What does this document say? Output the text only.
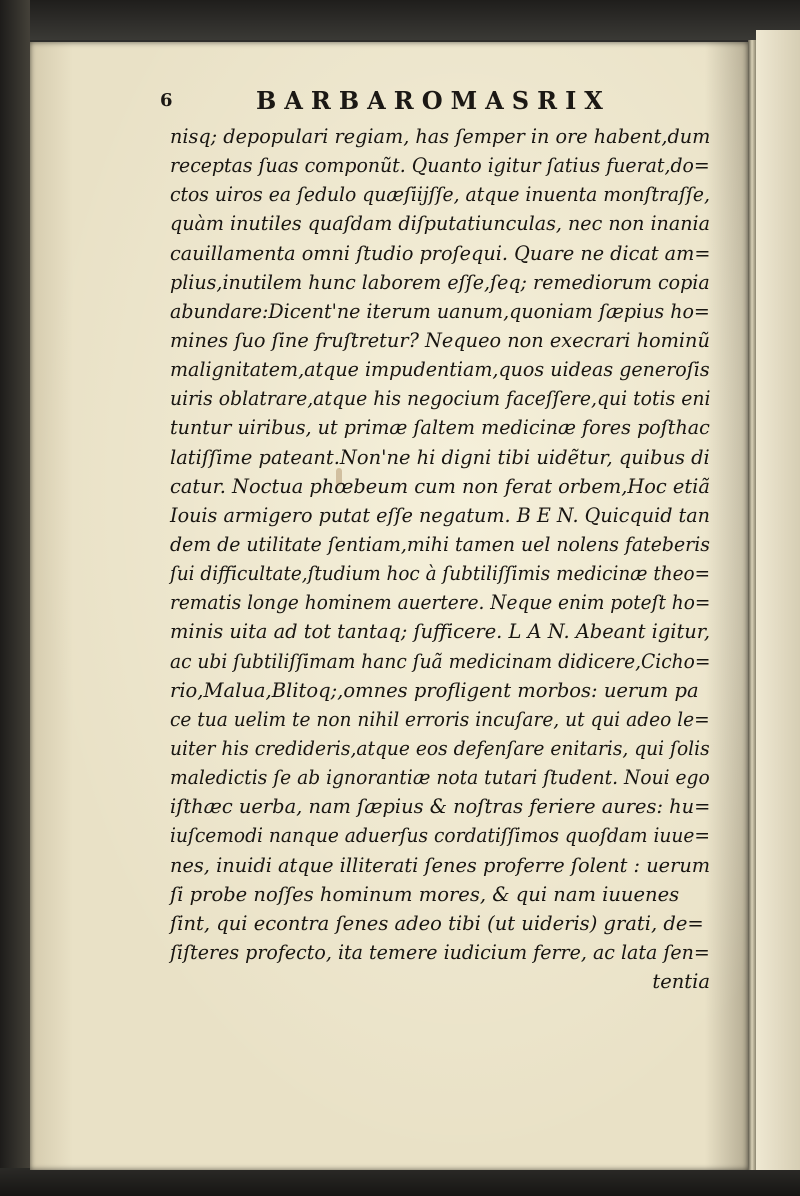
6	BARBAROMASRIX
nisq; depopulari regiam, has ſemper in ore habent,dum
receptas ſuas componũt. Quanto igitur ſatius fuerat,do=
ctos uiros ea ſedulo quæſiijſſe, atque inuenta monſtraſſe,
quàm inutiles quaſdam diſputatiunculas, nec non inania
cauillamenta omni ſtudio proſequi. Quare ne dicat am=
plius,inutilem hunc laborem eſſe,ſeq; remediorum copia
abundare:Dicent'ne iterum uanum,quoniam ſæpius ho=
mines ſuo ſine fruſtretur? Nequeo non execrari hominũ
malignitatem,atque impudentiam,quos uideas generoſis
uiris oblatrare,atque his negocium faceſſere,qui totis eni
tuntur uiribus, ut primæ ſaltem medicinæ fores poſthac
latiſſime pateant.Non'ne hi digni tibi uidẽtur, quibus di
catur. Noctua phœbeum cum non ferat orbem,Hoc etiã
Iouis armigero putat eſſe negatum. B E N. Quicquid tan
dem de utilitate ſentiam,mihi tamen uel nolens fateberis
ſui difficultate,ſtudium hoc à ſubtiliſſimis medicinæ theo=
rematis longe hominem auertere. Neque enim poteſt ho=
minis uita ad tot tantaq; ſufficere. L A N. Abeant igitur,
ac ubi ſubtiliſſimam hanc ſuã medicinam didicere,Cicho=
rio,Malua,Blitoq;,omnes profligent morbos: uerum pa
ce tua uelim te non nihil erroris incuſare, ut qui adeo le=
uiter his credideris,atque eos defenſare enitaris, qui ſolis
maledictis ſe ab ignorantiæ nota tutari ſtudent. Noui ego
iſthæc uerba, nam ſæpius & noſtras feriere aures: hu=
iuſcemodi nanque aduerſus cordatiſſimos quoſdam iuue=
nes, inuidi atque illiterati ſenes proferre ſolent : uerum
ſi probe noſſes hominum mores, & qui nam iuuenes
ſint, qui econtra ſenes adeo tibi (ut uideris) grati, de=
ſiſteres profecto, ita temere iudicium ferre, ac lata ſen=
tentia
